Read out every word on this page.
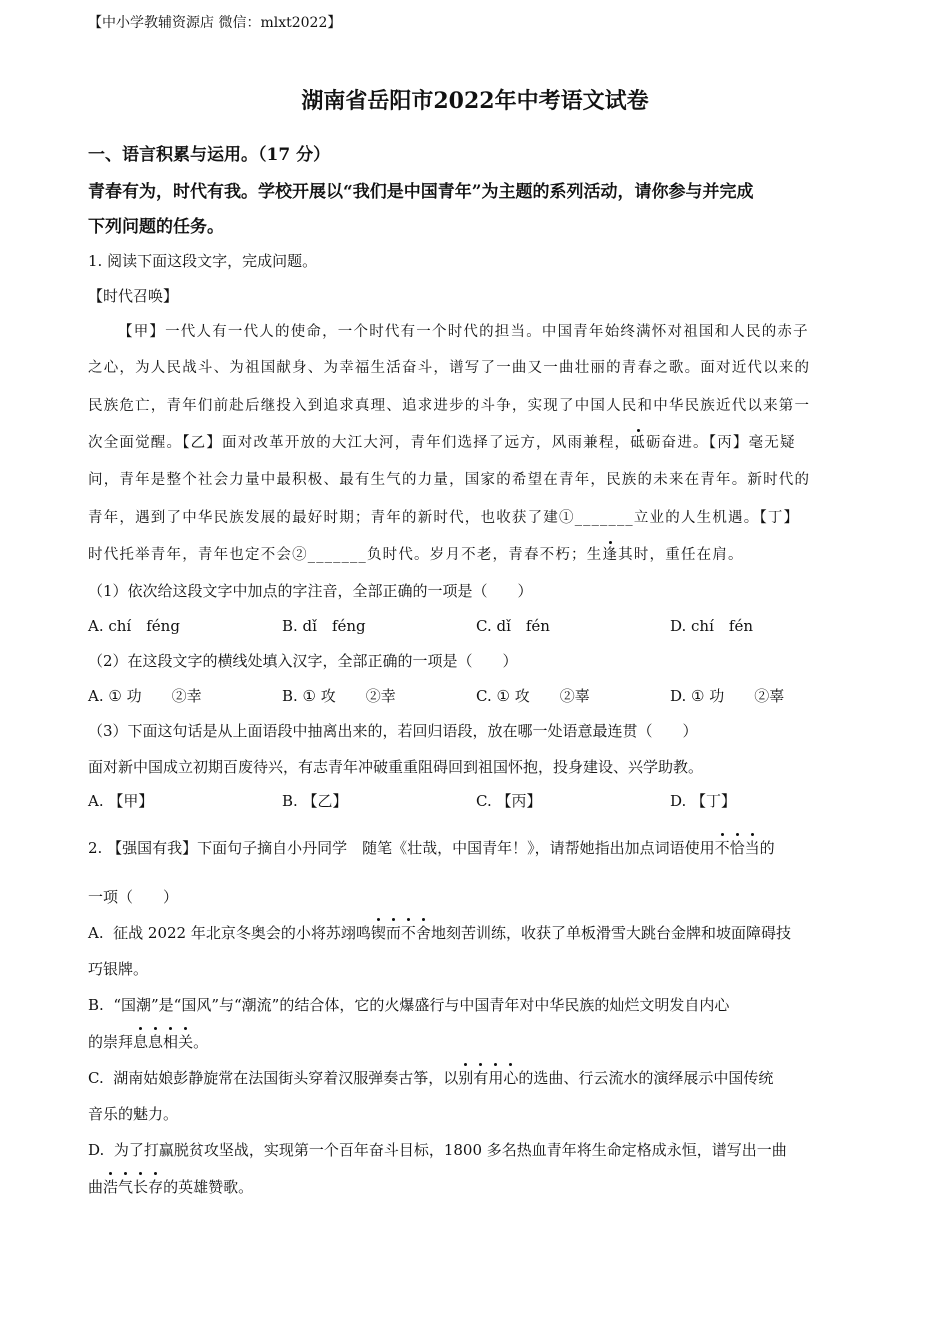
【中小学教辅资源店 微信：mlxt2022】
湖南省岳阳市2022年中考语文试卷
一、语言积累与运用。（17 分）
青春有为，时代有我。学校开展以“我们是中国青年”为主题的系列活动，请你参与并完成
下列问题的任务。
1. 阅读下面这段文字，完成问题。
【时代召唤】
【甲】一代人有一代人的使命，一个时代有一个时代的担当。中国青年始终满怀对祖国和人民的赤子
之心，为人民战斗、为祖国献身、为幸福生活奋斗，谱写了一曲又一曲壮丽的青春之歌。面对近代以来的
民族危亡，青年们前赴后继投入到追求真理、追求进步的斗争，实现了中国人民和中华民族近代以来第一
次全面觉醒。【乙】面对改革开放的大江大河，青年们选择了远方，风雨兼程，砥砺奋进。【丙】毫无疑
问，青年是整个社会力量中最积极、最有生气的力量，国家的希望在青年，民族的未来在青年。新时代的
青年，遇到了中华民族发展的最好时期；青年的新时代，也收获了建①_______立业的人生机遇。【丁】
时代托举青年，青年也定不会②_______负时代。岁月不老，青春不朽；生逢其时，重任在肩。
（1）依次给这段文字中加点的字注音，全部正确的一项是（　　）
A. chí　féng	B. dǐ　féng	C. dǐ　fén	D. chí　fén
（2）在这段文字的横线处填入汉字，全部正确的一项是（　　）
A. ① 功　　②幸	B. ① 攻　　②幸	C. ① 攻　　②辜	D. ① 功　　②辜
（3）下面这句话是从上面语段中抽离出来的，若回归语段，放在哪一处语意最连贯（　　）
面对新中国成立初期百废待兴，有志青年冲破重重阻碍回到祖国怀抱，投身建设、兴学助教。
A. 【甲】	B. 【乙】	C. 【丙】	D. 【丁】
2. 【强国有我】下面句子摘自小丹同学　随笔《壮哉，中国青年！》，请帮她指出加点词语使用不恰当的
一项（　　）
A. 征战 2022 年北京冬奥会的小将苏翊鸣锲而不舍地刻苦训练，收获了单板滑雪大跳台金牌和坡面障碍技
巧银牌。
B. “国潮”是“国风”与“潮流”的结合体，它的火爆盛行与中国青年对中华民族的灿烂文明发自内心
的崇拜息息相关。
C. 湖南姑娘彭静旋常在法国街头穿着汉服弹奏古筝，以别有用心的选曲、行云流水的演绎展示中国传统
音乐的魅力。
D. 为了打赢脱贫攻坚战，实现第一个百年奋斗目标，1800 多名热血青年将生命定格成永恒，谱写出一曲
曲浩气长存的英雄赞歌。
